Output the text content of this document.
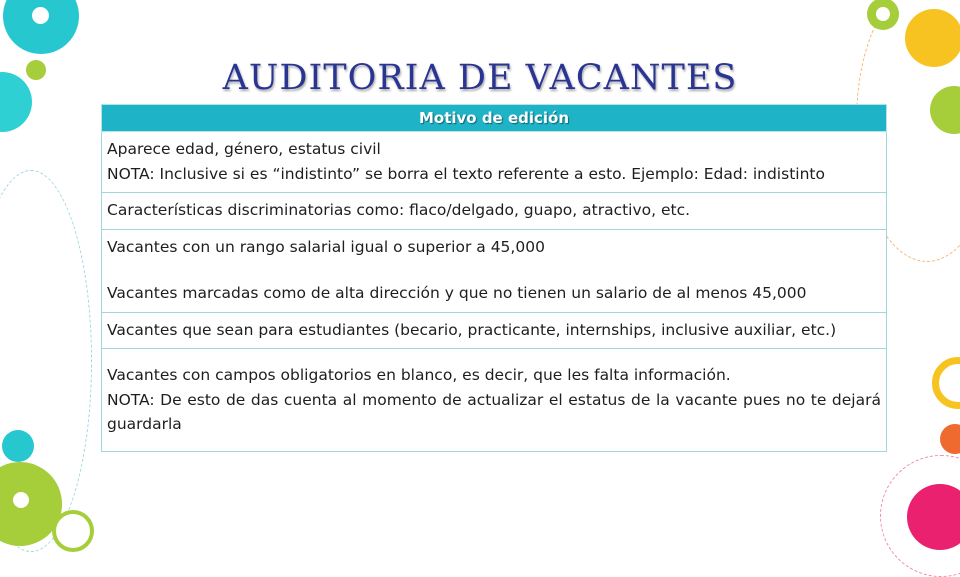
AUDITORIA DE VACANTES
Motivo de edición

Aparece edad, género, estatus civil
NOTA: Inclusive si es “indistinto” se borra el texto referente a esto. Ejemplo: Edad: indistinto

Características discriminatorias como: flaco/delgado, guapo, atractivo, etc.

Vacantes con un rango salarial igual o superior a 45,000
Vacantes marcadas como de alta dirección y que no tienen un salario de al menos 45,000

Vacantes que sean para estudiantes (becario, practicante, internships, inclusive auxiliar, etc.)

Vacantes con campos obligatorios en blanco, es decir, que les falta información.
NOTA: De esto de das cuenta al momento de actualizar el estatus de la vacante pues no te dejará guardarla
